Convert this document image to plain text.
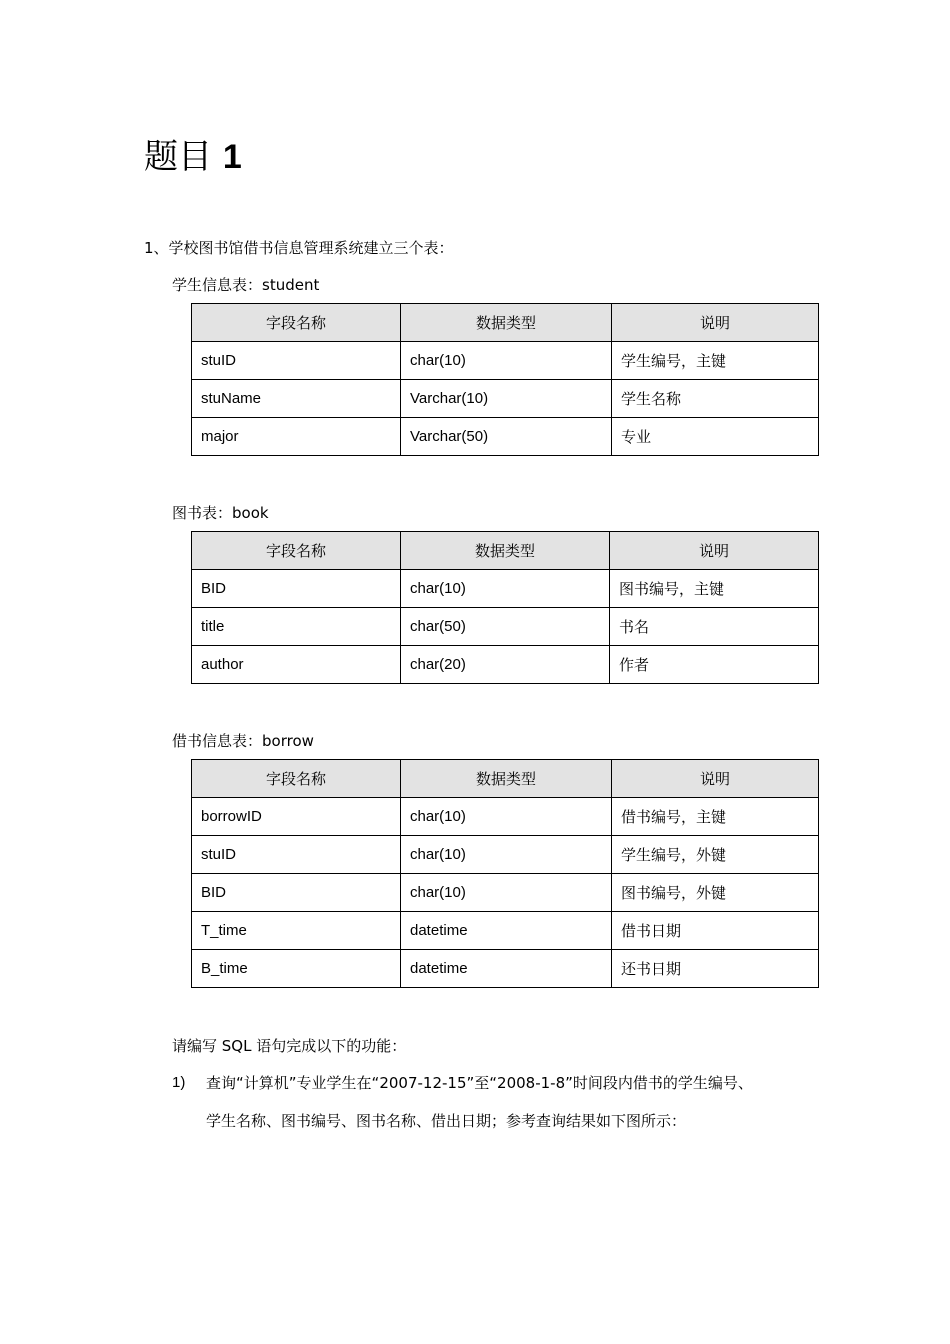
题目 1
1、学校图书馆借书信息管理系统建立三个表：
学生信息表：student
字段名称	数据类型	说明
stuID	char(10)	学生编号，主键
stuName	Varchar(10)	学生名称
major	Varchar(50)	专业
图书表：book
字段名称	数据类型	说明
BID	char(10)	图书编号，主键
title	char(50)	书名
author	char(20)	作者
借书信息表：borrow
字段名称	数据类型	说明
borrowID	char(10)	借书编号，主键
stuID	char(10)	学生编号，外键
BID	char(10)	图书编号，外键
T_time	datetime	借书日期
B_time	datetime	还书日期
请编写 SQL 语句完成以下的功能：
1) 查询“计算机”专业学生在“2007-12-15”至“2008-1-8”时间段内借书的学生编号、
学生名称、图书编号、图书名称、借出日期；参考查询结果如下图所示：
